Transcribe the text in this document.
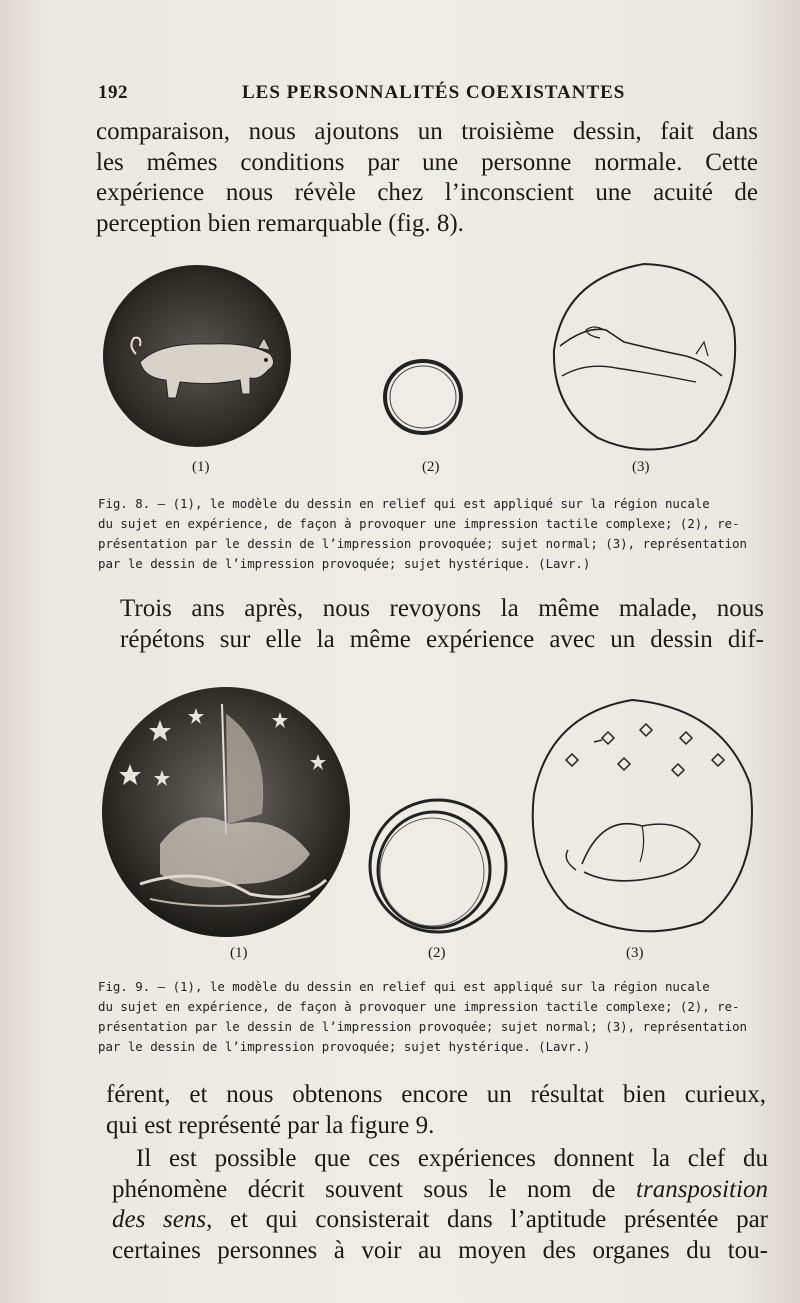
192	LES PERSONNALITÉS COEXISTANTES
comparaison, nous ajoutons un troisième dessin, fait dans
les mêmes conditions par une personne normale. Cette
expérience nous révèle chez l’inconscient une acuité de
perception bien remarquable (fig. 8).
(1)	(2)	(3)
Fig. 8. — (1), le modèle du dessin en relief qui est appliqué sur la région nucale
du sujet en expérience, de façon à provoquer une impression tactile complexe; (2), re-
présentation par le dessin de l’impression provoquée; sujet normal; (3), représentation
par le dessin de l’impression provoquée; sujet hystérique. (Lavr.)
Trois ans après, nous revoyons la même malade, nous
répétons sur elle la même expérience avec un dessin dif-
(1)	(2)	(3)
Fig. 9. — (1), le modèle du dessin en relief qui est appliqué sur la région nucale
du sujet en expérience, de façon à provoquer une impression tactile complexe; (2), re-
présentation par le dessin de l’impression provoquée; sujet normal; (3), représentation
par le dessin de l’impression provoquée; sujet hystérique. (Lavr.)
férent, et nous obtenons encore un résultat bien curieux,
qui est représenté par la figure 9.
Il est possible que ces expériences donnent la clef du
phénomène décrit souvent sous le nom de transposition
des sens, et qui consisterait dans l’aptitude présentée par
certaines personnes à voir au moyen des organes du tou-
